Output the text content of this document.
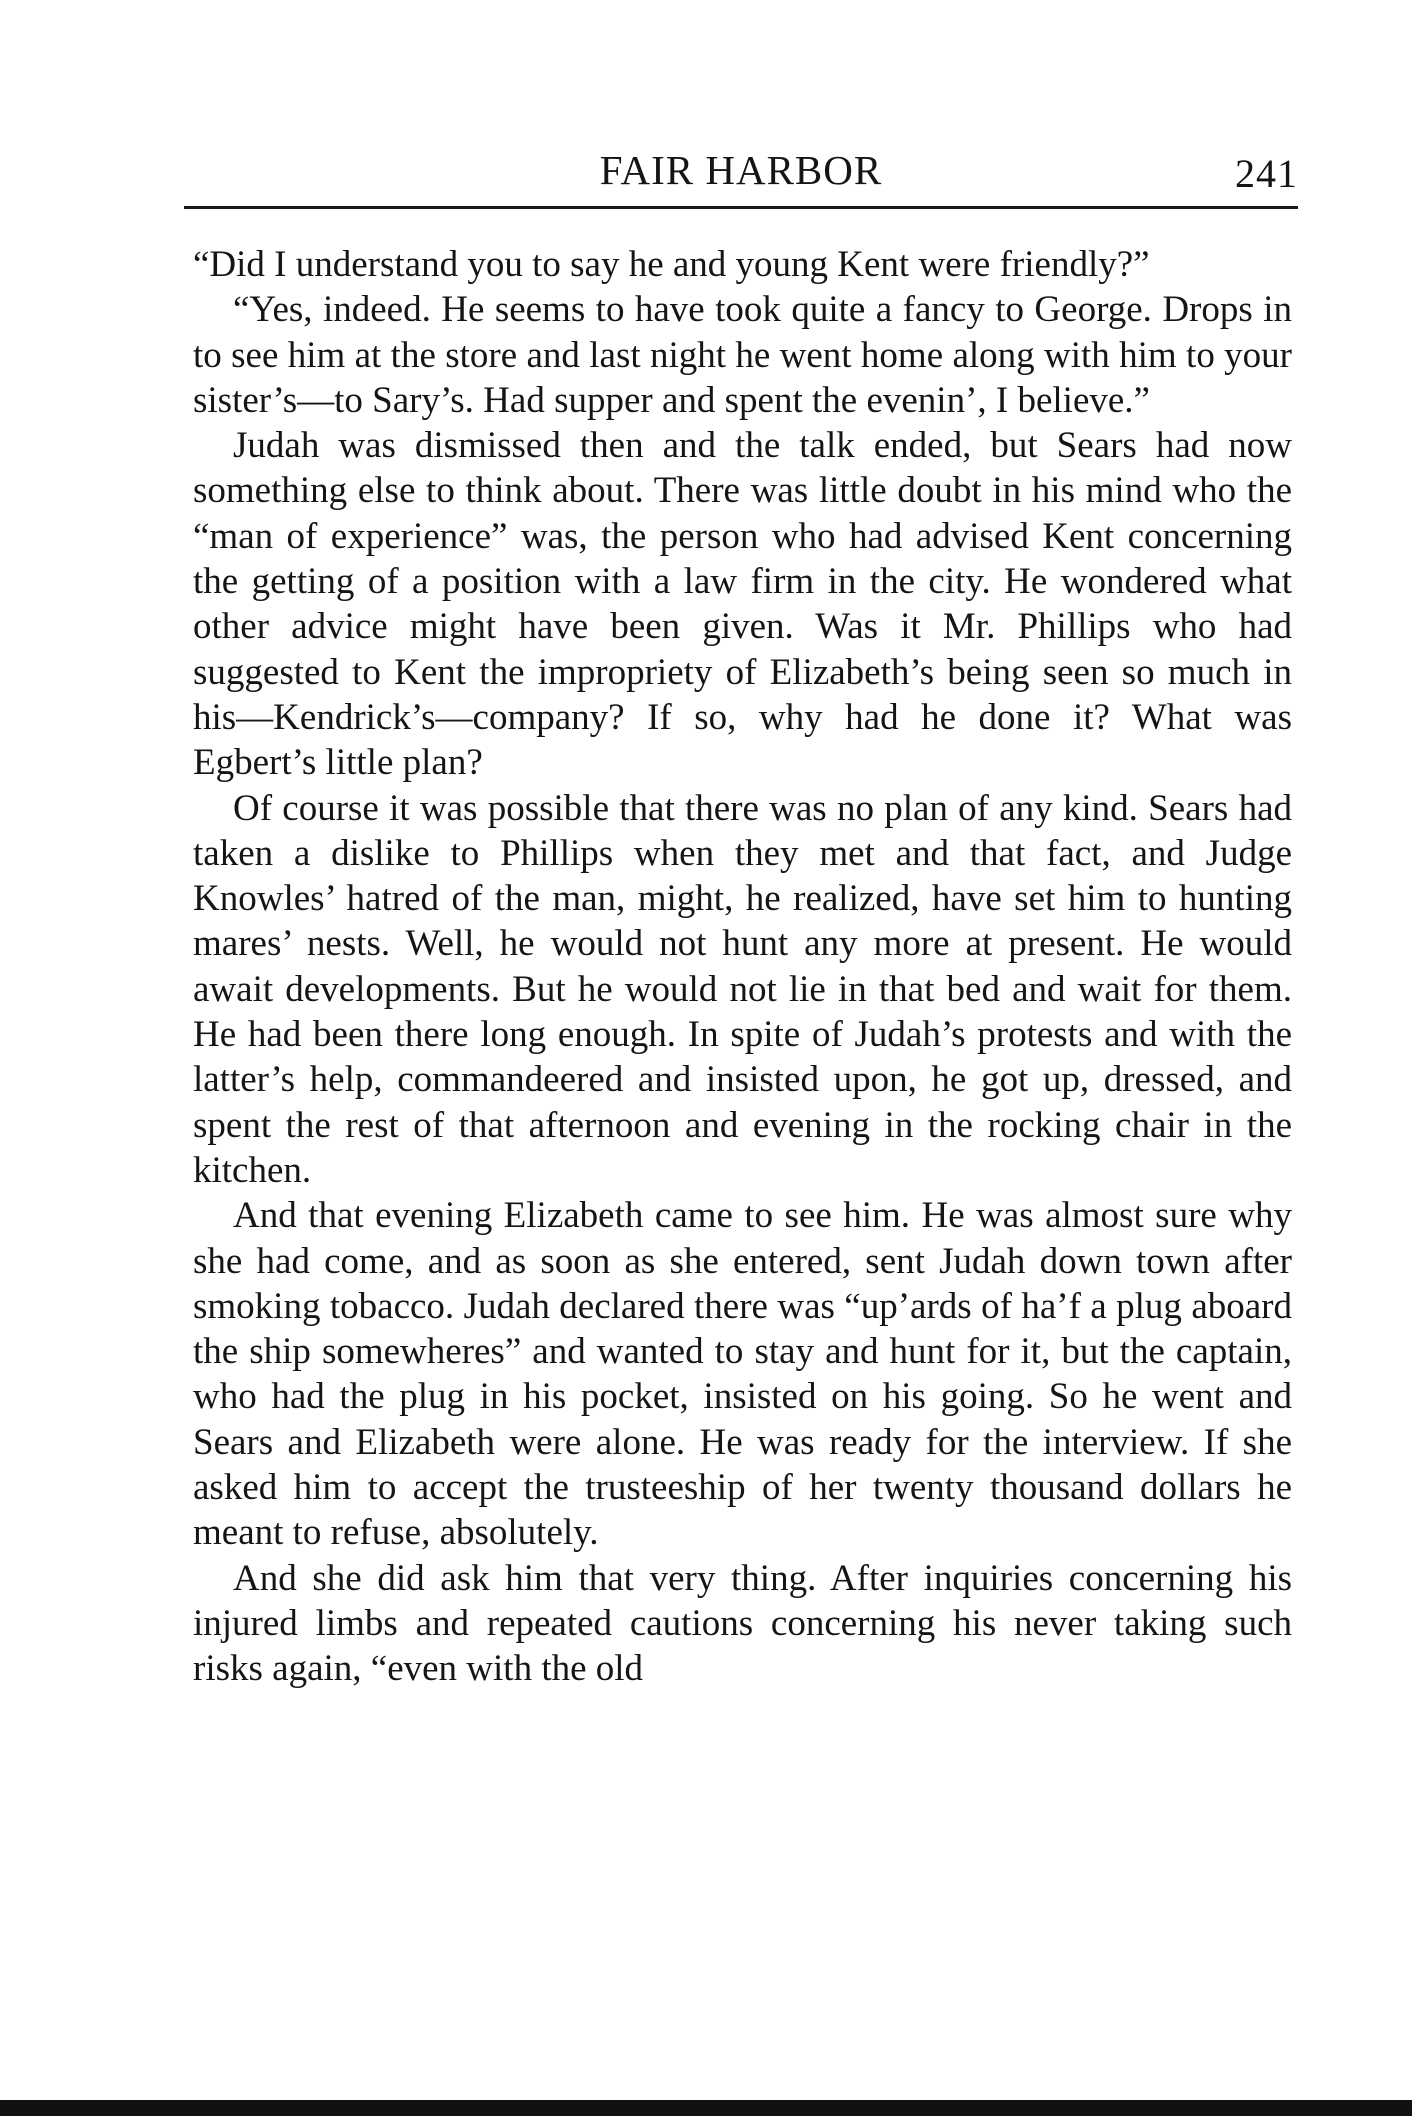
FAIR HARBOR	241

“Did I understand you to say he and young Kent were friendly?”

“Yes, indeed. He seems to have took quite a fancy to George. Drops in to see him at the store and last night he went home along with him to your sister’s—to Sary’s. Had supper and spent the evenin’, I believe.”

Judah was dismissed then and the talk ended, but Sears had now something else to think about. There was little doubt in his mind who the “man of experience” was, the person who had advised Kent concerning the getting of a position with a law firm in the city. He wondered what other advice might have been given. Was it Mr. Phillips who had suggested to Kent the impropriety of Elizabeth’s being seen so much in his—Kendrick’s—company? If so, why had he done it? What was Egbert’s little plan?

Of course it was possible that there was no plan of any kind. Sears had taken a dislike to Phillips when they met and that fact, and Judge Knowles’ hatred of the man, might, he realized, have set him to hunting mares’ nests. Well, he would not hunt any more at present. He would await developments. But he would not lie in that bed and wait for them. He had been there long enough. In spite of Judah’s protests and with the latter’s help, commandeered and insisted upon, he got up, dressed, and spent the rest of that afternoon and evening in the rocking chair in the kitchen.

And that evening Elizabeth came to see him. He was almost sure why she had come, and as soon as she entered, sent Judah down town after smoking tobacco. Judah declared there was “up’ards of ha’f a plug aboard the ship somewheres” and wanted to stay and hunt for it, but the captain, who had the plug in his pocket, insisted on his going. So he went and Sears and Elizabeth were alone. He was ready for the interview. If she asked him to accept the trusteeship of her twenty thousand dollars he meant to refuse, absolutely.

And she did ask him that very thing. After inquiries concerning his injured limbs and repeated cautions concerning his never taking such risks again, “even with the old
